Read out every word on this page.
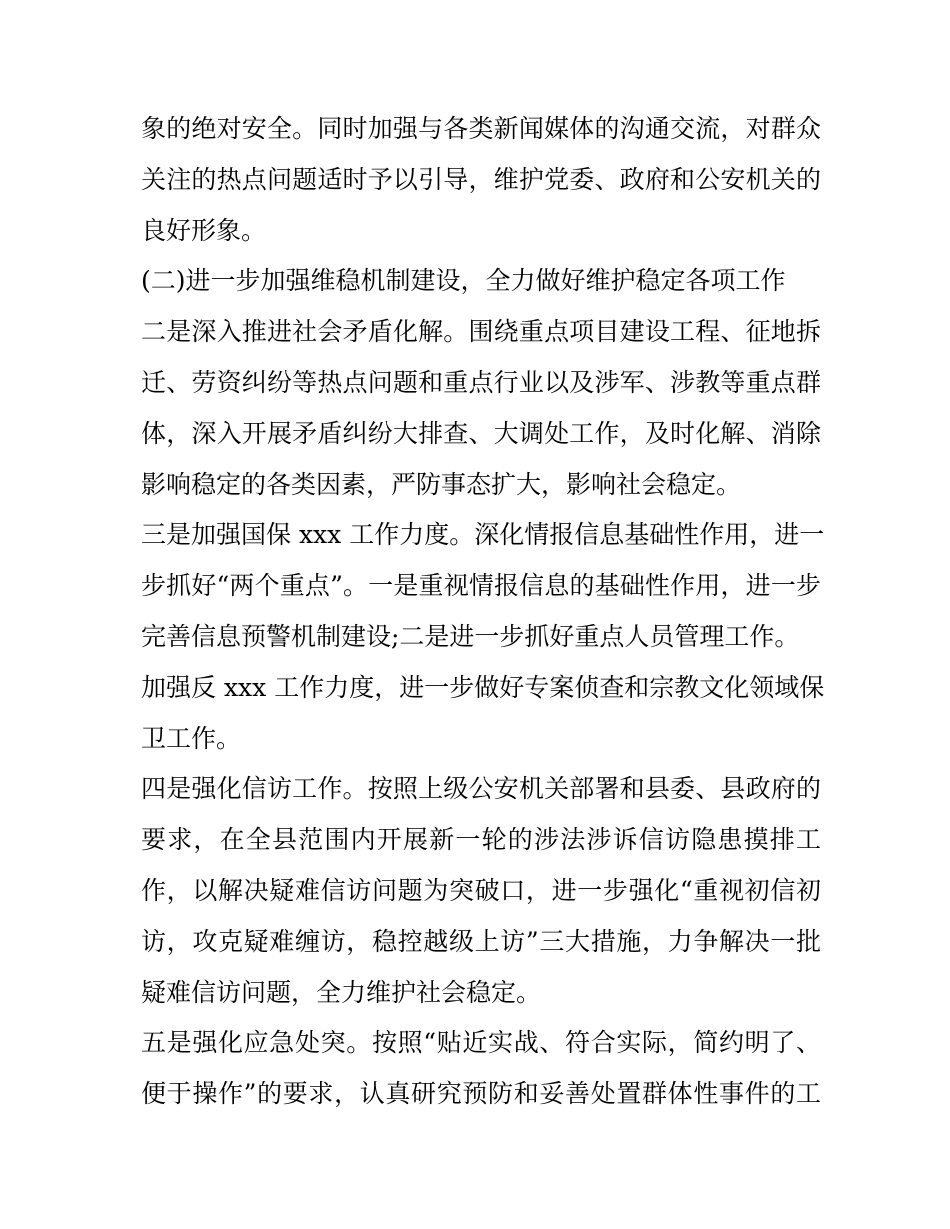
象的绝对安全。同时加强与各类新闻媒体的沟通交流，对群众
关注的热点问题适时予以引导，维护党委、政府和公安机关的
良好形象。
(二)进一步加强维稳机制建设，全力做好维护稳定各项工作
二是深入推进社会矛盾化解。围绕重点项目建设工程、征地拆
迁、劳资纠纷等热点问题和重点行业以及涉军、涉教等重点群
体，深入开展矛盾纠纷大排查、大调处工作，及时化解、消除
影响稳定的各类因素，严防事态扩大，影响社会稳定。
三是加强国保 xxx 工作力度。深化情报信息基础性作用，进一
步抓好“两个重点”。一是重视情报信息的基础性作用，进一步
完善信息预警机制建设;二是进一步抓好重点人员管理工作。
加强反 xxx 工作力度，进一步做好专案侦查和宗教文化领域保
卫工作。
四是强化信访工作。按照上级公安机关部署和县委、县政府的
要求，在全县范围内开展新一轮的涉法涉诉信访隐患摸排工
作，以解决疑难信访问题为突破口，进一步强化“重视初信初
访，攻克疑难缠访，稳控越级上访”三大措施，力争解决一批
疑难信访问题，全力维护社会稳定。
五是强化应急处突。按照“贴近实战、符合实际，简约明了、
便于操作”的要求，认真研究预防和妥善处置群体性事件的工
